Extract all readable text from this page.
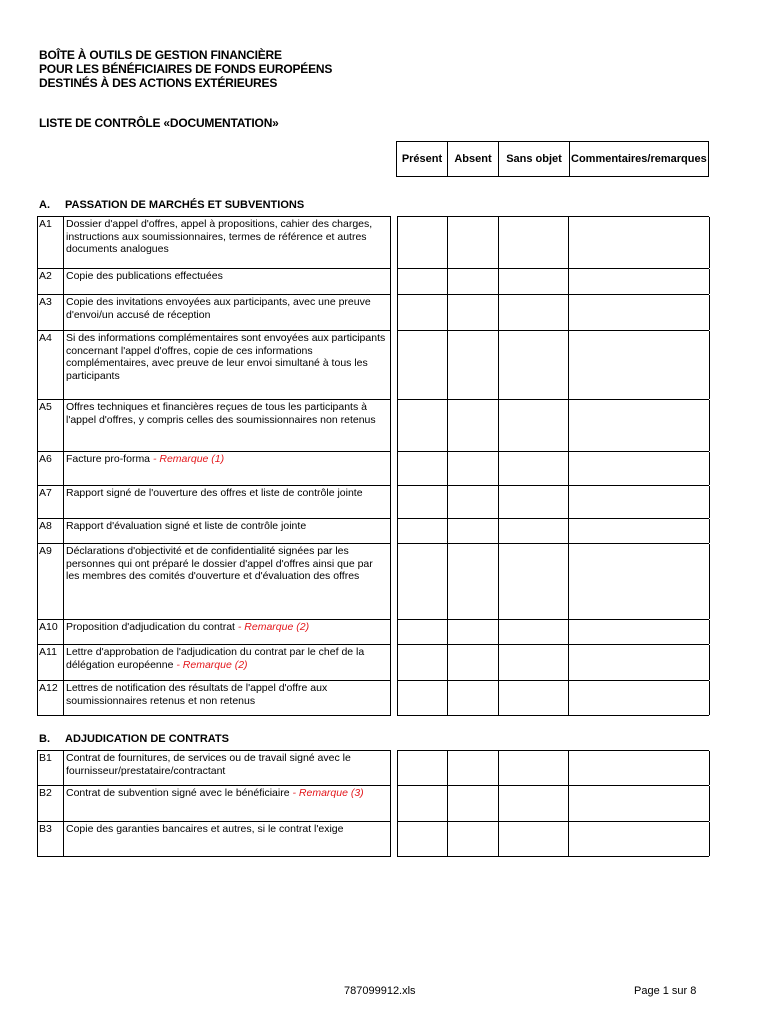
BOÎTE À OUTILS DE GESTION FINANCIÈRE
POUR LES BÉNÉFICIAIRES DE FONDS EUROPÉENS
DESTINÉS À DES ACTIONS EXTÉRIEURES
LISTE DE CONTRÔLE «DOCUMENTATION»
Présent	Absent	Sans objet Commentaires/remarques
A. PASSATION DE MARCHÉS ET SUBVENTIONS
A1	Dossier d'appel d'offres, appel à propositions, cahier des charges, instructions aux soumissionnaires, termes de référence et autres documents analogues
A2	Copie des publications effectuées
A3	Copie des invitations envoyées aux participants, avec une preuve d'envoi/un accusé de réception
A4	Si des informations complémentaires sont envoyées aux participants concernant l'appel d'offres, copie de ces informations complémentaires, avec preuve de leur envoi simultané à tous les participants
A5	Offres techniques et financières reçues de tous les participants à l'appel d'offres, y compris celles des soumissionnaires non retenus
A6	Facture pro-forma - Remarque (1)
A7	Rapport signé de l'ouverture des offres et liste de contrôle jointe
A8	Rapport d'évaluation signé et liste de contrôle jointe
A9	Déclarations d'objectivité et de confidentialité signées par les personnes qui ont préparé le dossier d'appel d'offres ainsi que par les membres des comités d'ouverture et d'évaluation des offres
A10 Proposition d'adjudication du contrat - Remarque (2)
A11 Lettre d'approbation de l'adjudication du contrat par le chef de la délégation européenne - Remarque (2)
A12 Lettres de notification des résultats de l'appel d'offre aux soumissionnaires retenus et non retenus
B. ADJUDICATION DE CONTRATS
B1	Contrat de fournitures, de services ou de travail signé avec le fournisseur/prestataire/contractant
B2	Contrat de subvention signé avec le bénéficiaire - Remarque (3)
B3	Copie des garanties bancaires et autres, si le contrat l'exige
787099912.xls	Page 1 sur 8
